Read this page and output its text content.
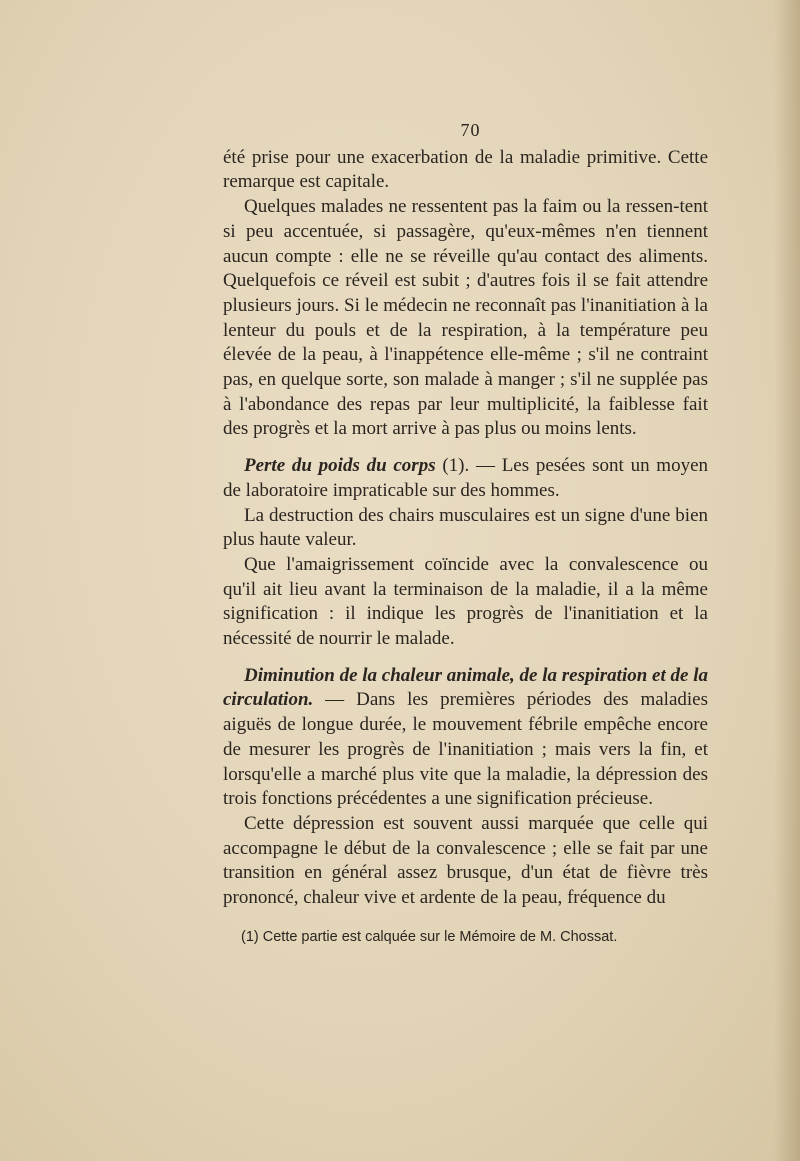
70

été prise pour une exacerbation de la maladie primitive. Cette remarque est capitale.

Quelques malades ne ressentent pas la faim ou la ressen-tent si peu accentuée, si passagère, qu'eux-mêmes n'en tiennent aucun compte : elle ne se réveille qu'au contact des aliments. Quelquefois ce réveil est subit ; d'autres fois il se fait attendre plusieurs jours. Si le médecin ne reconnaît pas l'inanitiation à la lenteur du pouls et de la respiration, à la température peu élevée de la peau, à l'inappétence elle-même ; s'il ne contraint pas, en quelque sorte, son malade à manger ; s'il ne supplée pas à l'abondance des repas par leur multiplicité, la faiblesse fait des progrès et la mort arrive à pas plus ou moins lents.

Perte du poids du corps (1). — Les pesées sont un moyen de laboratoire impraticable sur des hommes.

La destruction des chairs musculaires est un signe d'une bien plus haute valeur.

Que l'amaigrissement coïncide avec la convalescence ou qu'il ait lieu avant la terminaison de la maladie, il a la même signification : il indique les progrès de l'inanitiation et la nécessité de nourrir le malade.

Diminution de la chaleur animale, de la respiration et de la circulation. — Dans les premières périodes des maladies aiguës de longue durée, le mouvement fébrile empêche encore de mesurer les progrès de l'inanitiation ; mais vers la fin, et lorsqu'elle a marché plus vite que la maladie, la dépression des trois fonctions précédentes a une signification précieuse.

Cette dépression est souvent aussi marquée que celle qui accompagne le début de la convalescence ; elle se fait par une transition en général assez brusque, d'un état de fièvre très prononcé, chaleur vive et ardente de la peau, fréquence du

(1) Cette partie est calquée sur le Mémoire de M. Chossat.
